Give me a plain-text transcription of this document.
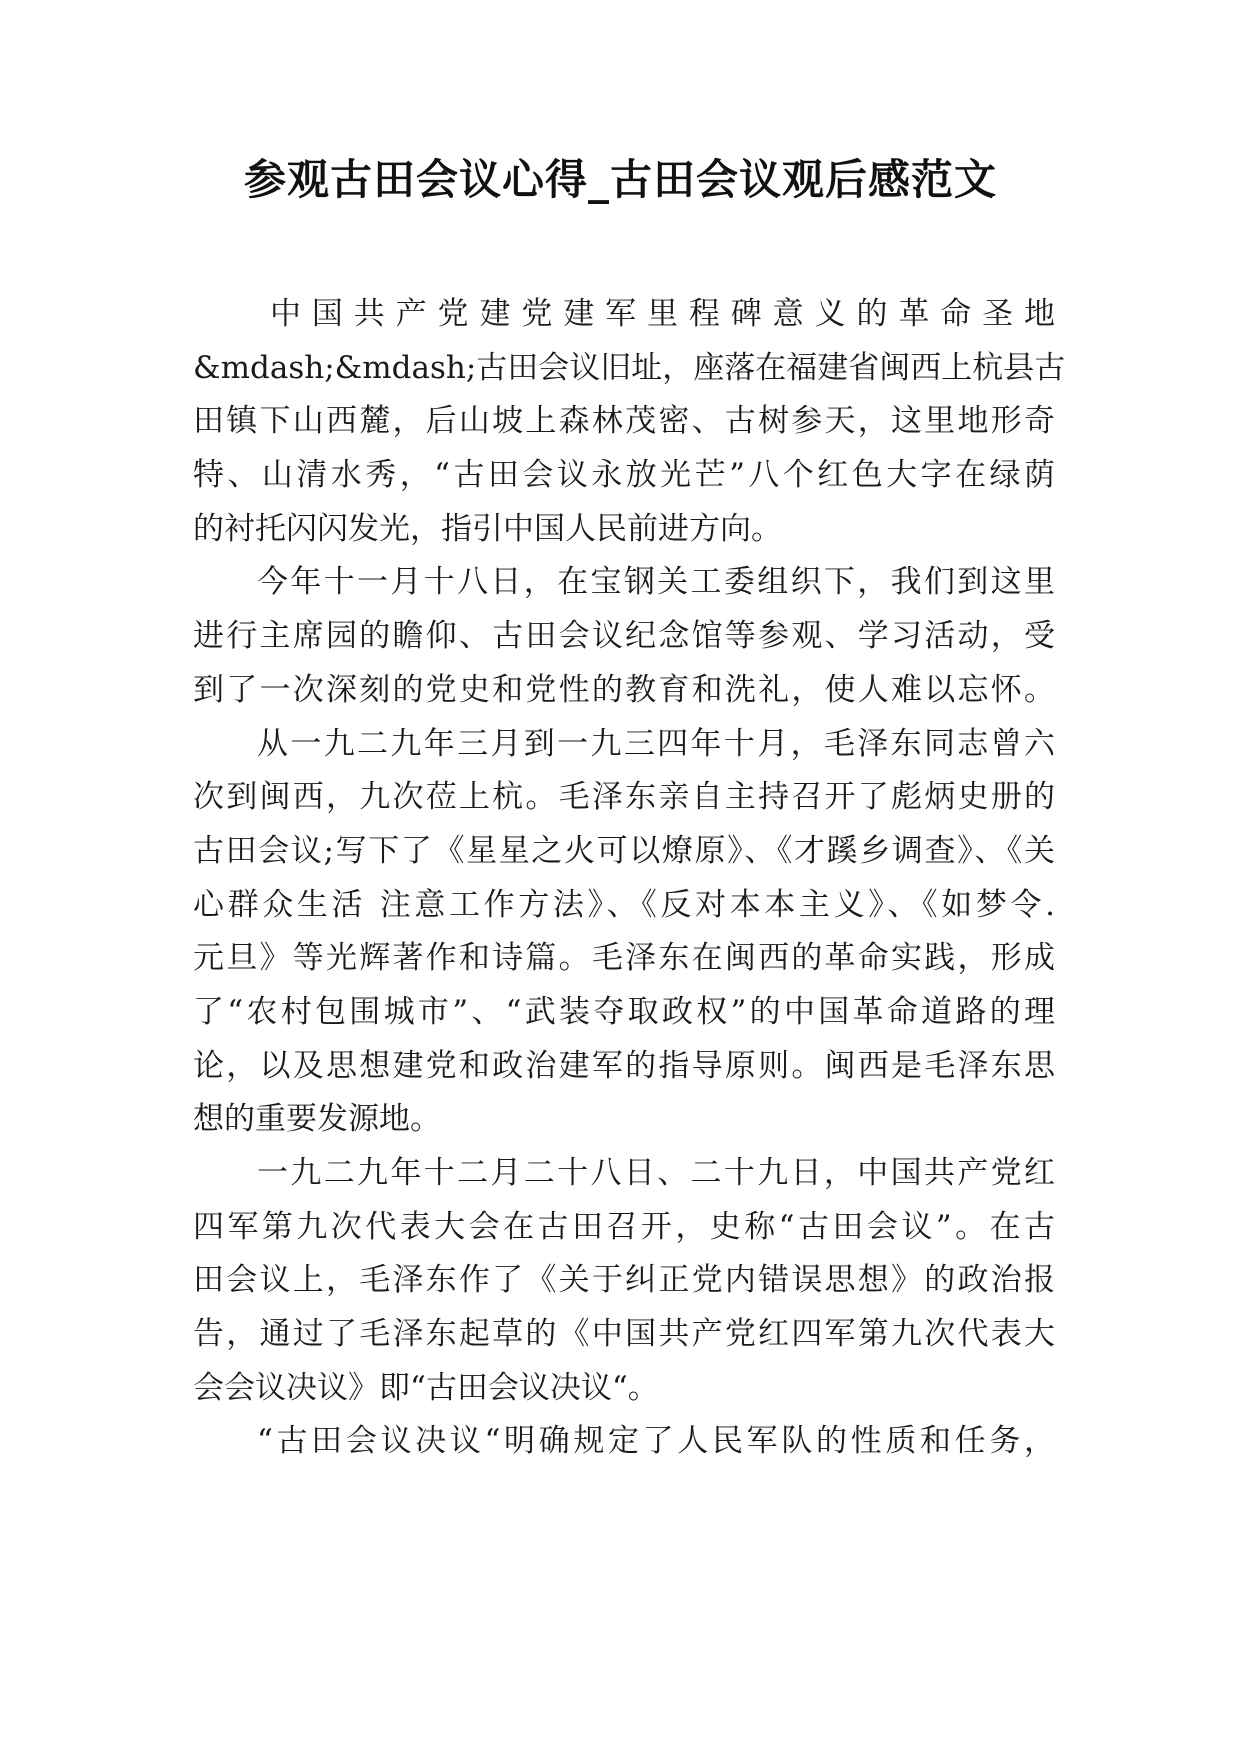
参观古田会议心得_古田会议观后感范文
中国共产党建党建军里程碑意义的革命圣地
&mdash;&mdash;古田会议旧址，座落在福建省闽西上杭县古
田镇下山西麓，后山坡上森林茂密、古树参天，这里地形奇
特、山清水秀，“古田会议永放光芒”八个红色大字在绿荫
的衬托闪闪发光，指引中国人民前进方向。
今年十一月十八日，在宝钢关工委组织下，我们到这里
进行主席园的瞻仰、古田会议纪念馆等参观、学习活动，受
到了一次深刻的党史和党性的教育和洗礼，使人难以忘怀。
从一九二九年三月到一九三四年十月，毛泽东同志曾六
次到闽西，九次莅上杭。毛泽东亲自主持召开了彪炳史册的
古田会议;写下了《星星之火可以燎原》、《才蹊乡调查》、《关
心群众生活 注意工作方法》、《反对本本主义》、《如梦令.
元旦》等光辉著作和诗篇。毛泽东在闽西的革命实践，形成
了“农村包围城市”、“武装夺取政权”的中国革命道路的理
论，以及思想建党和政治建军的指导原则。闽西是毛泽东思
想的重要发源地。
一九二九年十二月二十八日、二十九日，中国共产党红
四军第九次代表大会在古田召开，史称“古田会议”。在古
田会议上，毛泽东作了《关于纠正党内错误思想》的政治报
告，通过了毛泽东起草的《中国共产党红四军第九次代表大
会会议决议》即“古田会议决议“。
“古田会议决议“明确规定了人民军队的性质和任务，
